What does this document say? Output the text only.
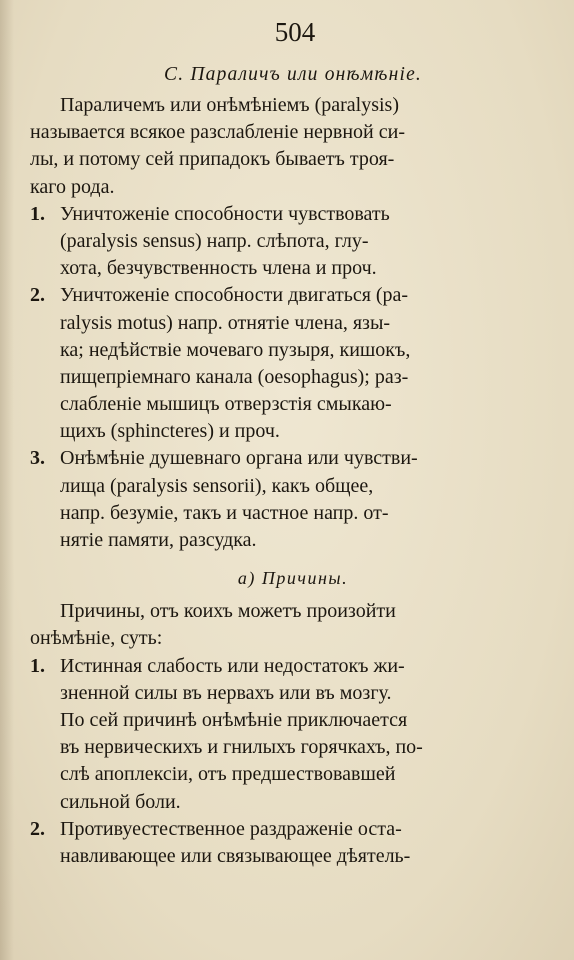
504
С. Параличъ или онѣмѣніе.
Параличемъ или онѣмѣніемъ (paralysis)
называется всякое разслабленіе нервной си-
лы, и потому сей припадокъ бываетъ троя-
каго рода.
1. Уничтоженіе способности чувствовать
(paralysis sensus) напр. слѣпота, глу-
хота, безчувственность члена и проч.
2. Уничтоженіе способности двигаться (pa-
ralysis motus) напр. отнятіе члена, язы-
ка; недѣйствіе мочеваго пузыря, кишокъ,
пищепріемнаго канала (oesophagus); раз-
слабленіе мышицъ отверзстія смыкаю-
щихъ (sphincteres) и проч.
3. Онѣмѣніе душевнаго органа или чувстви-
лища (paralysis sensorii), какъ общее,
напр. безуміе, такъ и частное напр. от-
нятіе памяти, разсудка.
а) Причины.
Причины, отъ коихъ можетъ произойти
онѣмѣніе, суть:
1. Истинная слабость или недостатокъ жи-
зненной силы въ нервахъ или въ мозгу.
По сей причинѣ онѣмѣніе приключается
въ нервическихъ и гнилыхъ горячкахъ, по-
слѣ апоплексіи, отъ предшествовавшей
сильной боли.
2. Противуестественное раздраженіе оста-
навливающее или связывающее дѣятель-
